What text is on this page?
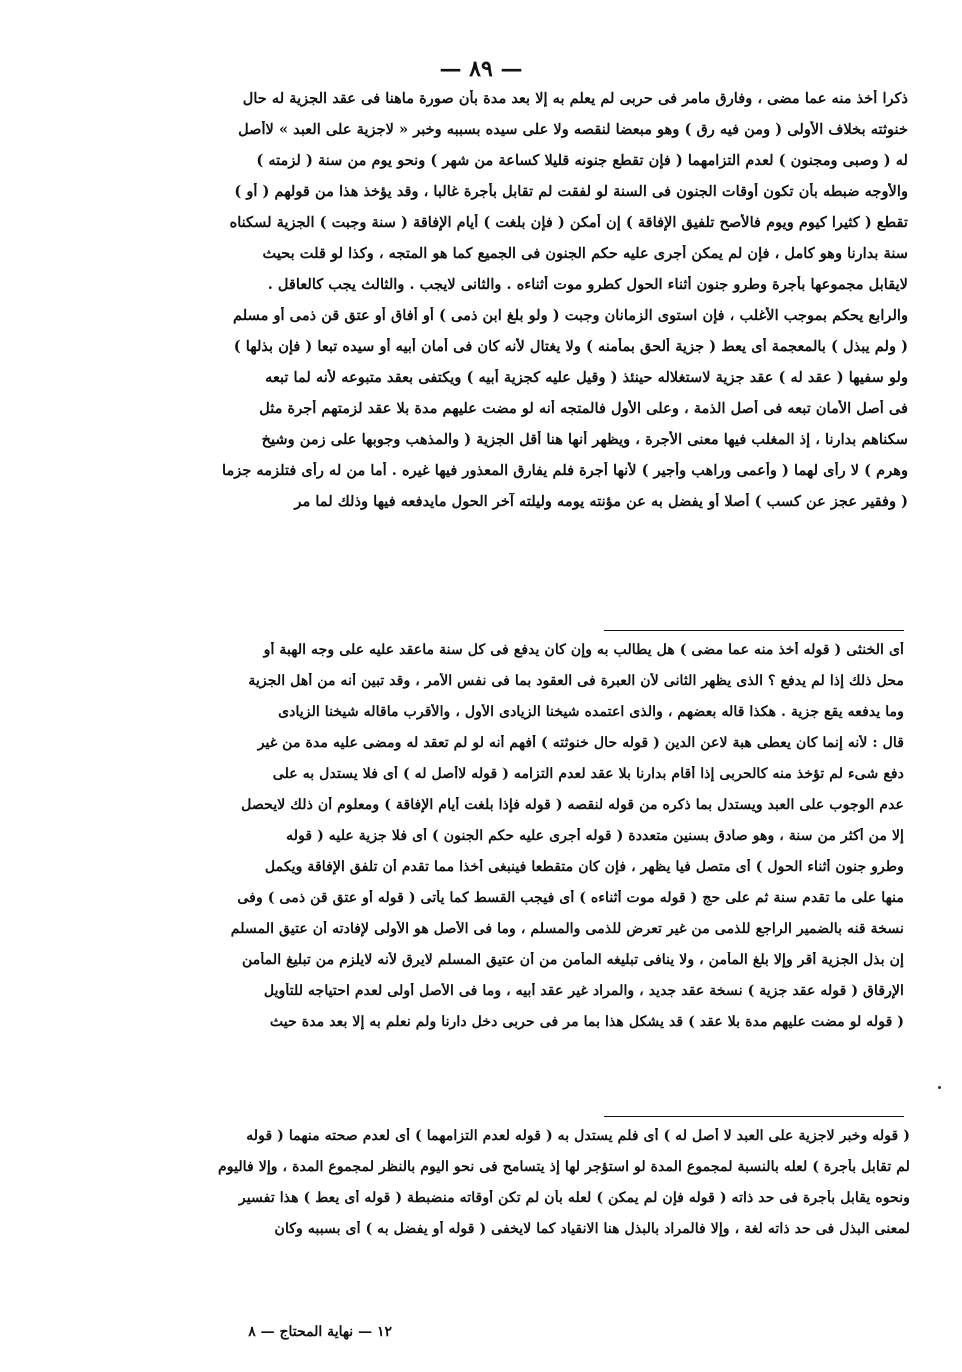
— ٨٩ —
ذكرا أخذ منه عما مضى ، وفارق مامر فى حربى لم يعلم به إلا بعد مدة بأن صورة ماهنا فى عقد الجزية له حال
خنوثته بخلاف الأولى ( ومن فيه رق ) وهو مبعضا لنقصه ولا على سيده بسببه وخبر « لاجزية على العبد » لاأصل
له ( وصبى ومجنون ) لعدم التزامهما ( فإن تقطع جنونه قليلا كساعة من شهر ) ونحو يوم من سنة ( لزمته )
والأوجه ضبطه بأن تكون أوقات الجنون فى السنة لو لفقت لم تقابل بأجرة غالبا ، وقد يؤخذ هذا من قولهم ( أو )
تقطع ( كثيرا كيوم ويوم فالأصح تلفيق الإفاقة ) إن أمكن ( فإن بلغت ) أيام الإفاقة ( سنة وجبت ) الجزية لسكناه
سنة بدارنا وهو كامل ، فإن لم يمكن أجرى عليه حكم الجنون فى الجميع كما هو المتجه ، وكذا لو قلت بحيث
لايقابل مجموعها بأجرة وطرو جنون أثناء الحول كطرو موت أثناءه . والثانى لايجب . والثالث يجب كالعاقل .
والرابع يحكم بموجب الأغلب ، فإن استوى الزمانان وجبت ( ولو بلغ ابن ذمى ) أو أفاق أو عتق قن ذمى أو مسلم
( ولم يبذل ) بالمعجمة أى يعط ( جزية ألحق بمأمنه ) ولا يغتال لأنه كان فى أمان أبيه أو سيده تبعا ( فإن بذلها )
ولو سفيها ( عقد له ) عقد جزية لاستغلاله حينئذ ( وقيل عليه كجزية أبيه ) ويكتفى بعقد متبوعه لأنه لما تبعه
فى أصل الأمان تبعه فى أصل الذمة ، وعلى الأول فالمتجه أنه لو مضت عليهم مدة بلا عقد لزمتهم أجرة مثل
سكناهم بدارنا ، إذ المغلب فيها معنى الأجرة ، ويظهر أنها هنا أقل الجزية ( والمذهب وجوبها على زمن وشيخ
وهرم ) لا رأى لهما ( وأعمى وراهب وأجير ) لأنها أجرة فلم يفارق المعذور فيها غيره . أما من له رأى فتلزمه جزما
( وفقير عجز عن كسب ) أصلا أو يفضل به عن مؤنته يومه وليلته آخر الحول مايدفعه فيها وذلك لما مر
أى الخنثى ( قوله أخذ منه عما مضى ) هل يطالب به وإن كان يدفع فى كل سنة ماعقد عليه على وجه الهبة أو
محل ذلك إذا لم يدفع ؟ الذى يظهر الثانى لأن العبرة فى العقود بما فى نفس الأمر ، وقد تبين أنه من أهل الجزية
وما يدفعه يقع جزية . هكذا قاله بعضهم ، والذى اعتمده شيخنا الزيادى الأول ، والأقرب ماقاله شيخنا الزيادى
قال : لأنه إنما كان يعطى هبة لاعن الدين ( قوله حال خنوثته ) أفهم أنه لو لم تعقد له ومضى عليه مدة من غير
دفع شىء لم تؤخذ منه كالحربى إذا أقام بدارنا بلا عقد لعدم التزامه ( قوله لاأصل له ) أى فلا يستدل به على
عدم الوجوب على العبد ويستدل بما ذكره من قوله لنقصه ( قوله فإذا بلغت أيام الإفاقة ) ومعلوم أن ذلك لايحصل
إلا من أكثر من سنة ، وهو صادق بسنين متعددة ( قوله أجرى عليه حكم الجنون ) أى فلا جزية عليه ( قوله
وطرو جنون أثناء الحول ) أى متصل فيا يظهر ، فإن كان متقطعا فينبغى أخذا مما تقدم أن تلفق الإفاقة ويكمل
منها على ما تقدم سنة ثم على حج ( قوله موت أثناءه ) أى فيجب القسط كما يأتى ( قوله أو عتق قن ذمى ) وفى
نسخة قنه بالضمير الراجع للذمى من غير تعرض للذمى والمسلم ، وما فى الأصل هو الأولى لإفادته أن عتيق المسلم
إن بذل الجزية أقر وإلا بلغ المأمن ، ولا ينافى تبليغه المأمن من أن عتيق المسلم لايرق لأنه لايلزم من تبليغ المأمن
الإرقاق ( قوله عقد جزية ) نسخة عقد جديد ، والمراد غير عقد أبيه ، وما فى الأصل أولى لعدم احتياجه للتأويل
( قوله لو مضت عليهم مدة بلا عقد ) قد يشكل هذا بما مر فى حربى دخل دارنا ولم نعلم به إلا بعد مدة حيث
( قوله وخبر لاجزية على العبد لا أصل له ) أى فلم يستدل به ( قوله لعدم التزامهما ) أى لعدم صحته منهما ( قوله
لم تقابل بأجرة ) لعله بالنسبة لمجموع المدة لو استؤجر لها إذ يتسامح فى نحو اليوم بالنظر لمجموع المدة ، وإلا فاليوم
ونحوه يقابل بأجرة فى حد ذاته ( قوله فإن لم يمكن ) لعله بأن لم تكن أوقاته منضبطة ( قوله أى يعط ) هذا تفسير
لمعنى البذل فى حد ذاته لغة ، وإلا فالمراد بالبذل هنا الانقياد كما لايخفى ( قوله أو يفضل به ) أى بسببه وكان
١٢ — نهاية المحتاج — ٨
